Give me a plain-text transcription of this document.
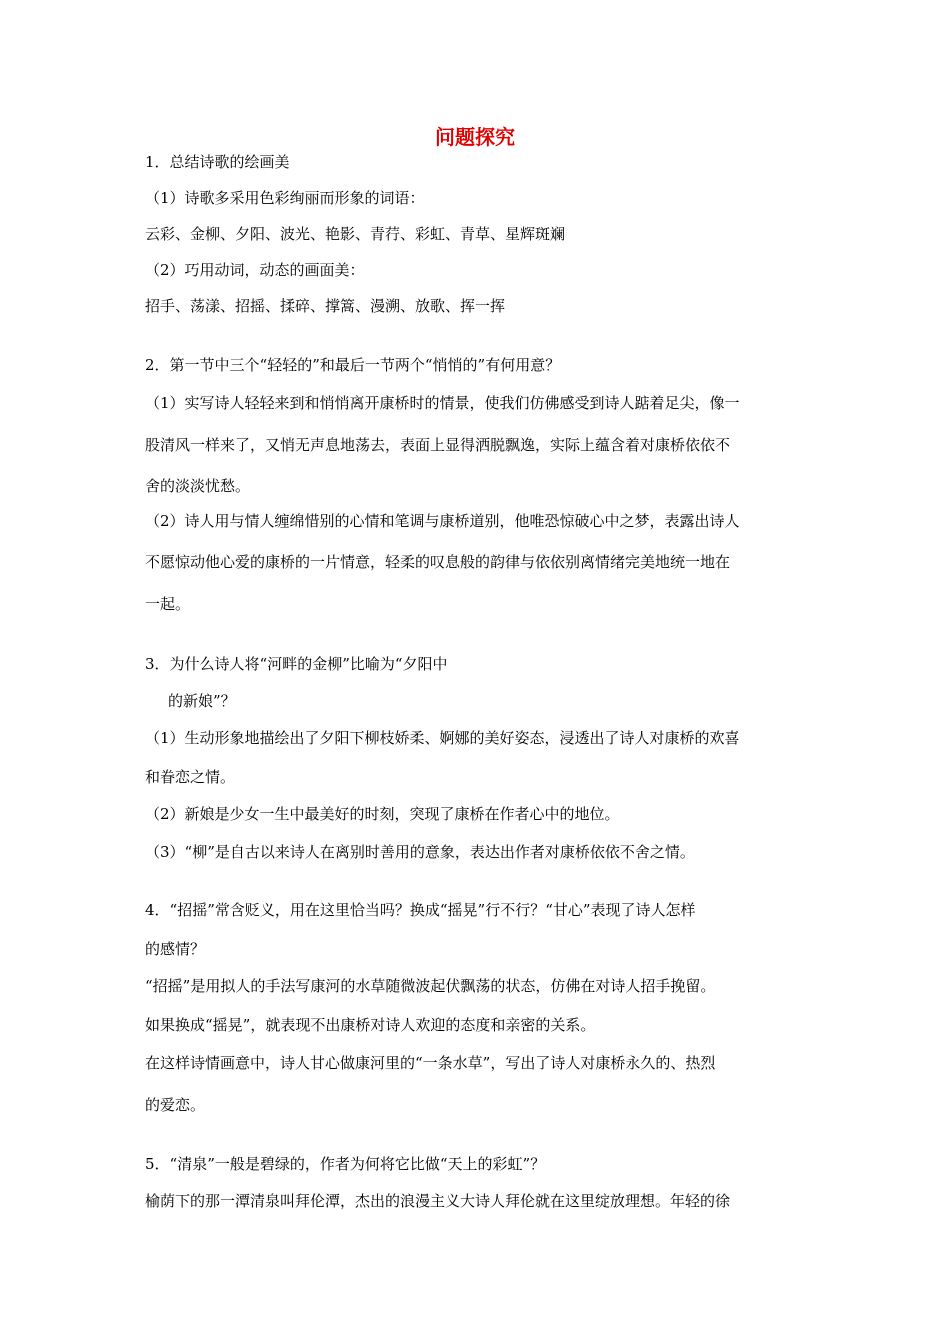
问题探究
1．总结诗歌的绘画美
（1）诗歌多采用色彩绚丽而形象的词语：
云彩、金柳、夕阳、波光、艳影、青荇、彩虹、青草、星辉斑斓
（2）巧用动词，动态的画面美：
招手、荡漾、招摇、揉碎、撑篙、漫溯、放歌、挥一挥
2．第一节中三个“轻轻的”和最后一节两个“悄悄的”有何用意？
（1）实写诗人轻轻来到和悄悄离开康桥时的情景，使我们仿佛感受到诗人踮着足尖，像一
股清风一样来了，又悄无声息地荡去，表面上显得洒脱飘逸，实际上蕴含着对康桥依依不
舍的淡淡忧愁。
（2）诗人用与情人缠绵惜别的心情和笔调与康桥道别，他唯恐惊破心中之梦，表露出诗人
不愿惊动他心爱的康桥的一片情意，轻柔的叹息般的韵律与依依别离情绪完美地统一地在
一起。
3．为什么诗人将“河畔的金柳”比喻为“夕阳中
的新娘”？
（1）生动形象地描绘出了夕阳下柳枝娇柔、婀娜的美好姿态，浸透出了诗人对康桥的欢喜
和眷恋之情。
（2）新娘是少女一生中最美好的时刻，突现了康桥在作者心中的地位。
（3）“柳”是自古以来诗人在离别时善用的意象，表达出作者对康桥依依不舍之情。
4．“招摇”常含贬义，用在这里恰当吗？换成“摇晃”行不行？“甘心”表现了诗人怎样
的感情？
“招摇”是用拟人的手法写康河的水草随微波起伏飘荡的状态，仿佛在对诗人招手挽留。
如果换成“摇晃”，就表现不出康桥对诗人欢迎的态度和亲密的关系。
在这样诗情画意中，诗人甘心做康河里的“一条水草”，写出了诗人对康桥永久的、热烈
的爱恋。
5．“清泉”一般是碧绿的，作者为何将它比做“天上的彩虹”？
榆荫下的那一潭清泉叫拜伦潭，杰出的浪漫主义大诗人拜伦就在这里绽放理想。年轻的徐
